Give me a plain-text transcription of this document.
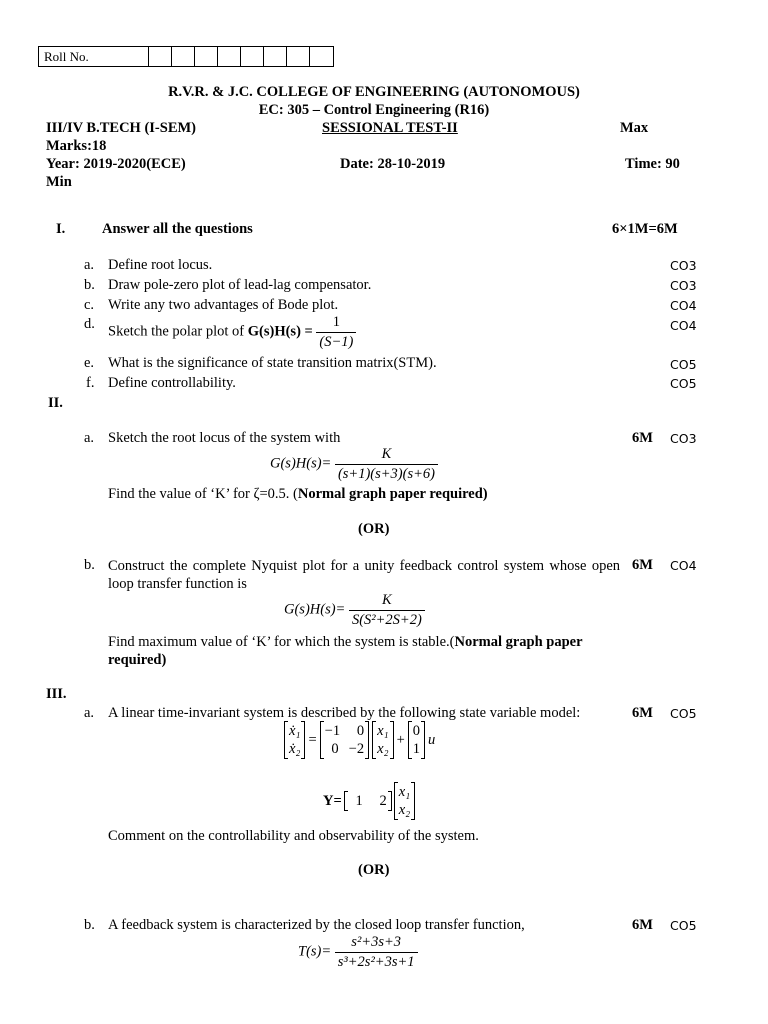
Roll No.
R.V.R. & J.C. COLLEGE OF ENGINEERING (AUTONOMOUS)
EC: 305 – Control Engineering (R16)
III/IV B.TECH (I-SEM)	SESSIONAL TEST-II	Max
Marks:18
Year: 2019-2020(ECE)	Date: 28-10-2019	Time: 90
Min
I.	Answer all the questions	6×1M=6M
a. Define root locus.	CO3
b. Draw pole-zero plot of lead-lag compensator.	CO3
c. Write any two advantages of Bode plot.	CO4
d. Sketch the polar plot of $G(s)H(s) = \frac{1}{(S-1)}$	CO4
e. What is the significance of state transition matrix(STM).	CO5
f. Define controllability.	CO5
II.
a. Sketch the root locus of the system with	6M CO3
$G(s)H(s)= \frac{K}{(s+1)(s+3)(s+6)}$
Find the value of ‘K’ for ζ=0.5. (Normal graph paper required)
(OR)
b. Construct the complete Nyquist plot for a unity feedback control system whose open loop transfer function is
6M CO4
$G(s)H(s)= \frac{K}{\text{S(S²+2S+2)}}$
Find maximum value of ‘K’ for which the system is stable.(Normal graph paper required)
III.
a. A linear time-invariant system is described by the following state variable model:	6M CO5
ẋ₁
ẋ₂
=
−1	0
0 −2
x₁
x₂
+
0
1
u
Y= 1	2
x₁
x₂
Comment on the controllability and observability of the system.
(OR)
b. A feedback system is characterized by the closed loop transfer function,	6M CO5
$T(s)= \frac{\text{s²+3s+3}}{\text{s³+2s²+3s+1}}$
